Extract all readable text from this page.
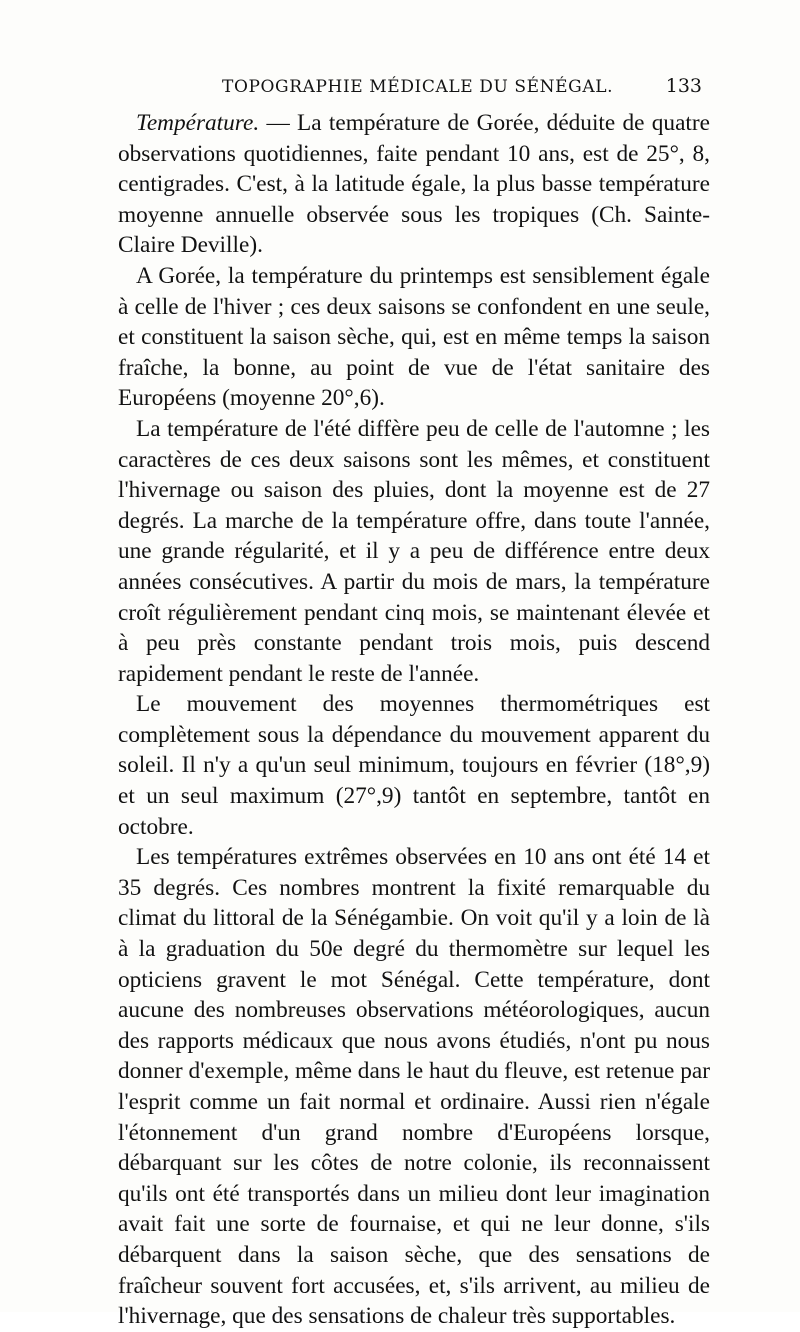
TOPOGRAPHIE MÉDICALE DU SÉNÉGAL.	133

Température. — La température de Gorée, déduite de quatre observations quotidiennes, faite pendant 10 ans, est de 25°, 8, centigrades. C'est, à la latitude égale, la plus basse température moyenne annuelle observée sous les tropiques (Ch. Sainte-Claire Deville).

A Gorée, la température du printemps est sensiblement égale à celle de l'hiver ; ces deux saisons se confondent en une seule, et constituent la saison sèche, qui, est en même temps la saison fraîche, la bonne, au point de vue de l'état sanitaire des Européens (moyenne 20°,6).

La température de l'été diffère peu de celle de l'automne ; les caractères de ces deux saisons sont les mêmes, et constituent l'hivernage ou saison des pluies, dont la moyenne est de 27 degrés. La marche de la température offre, dans toute l'année, une grande régularité, et il y a peu de différence entre deux années consécutives. A partir du mois de mars, la température croît régulièrement pendant cinq mois, se maintenant élevée et à peu près constante pendant trois mois, puis descend rapidement pendant le reste de l'année.

Le mouvement des moyennes thermométriques est complètement sous la dépendance du mouvement apparent du soleil. Il n'y a qu'un seul minimum, toujours en février (18°,9) et un seul maximum (27°,9) tantôt en septembre, tantôt en octobre.

Les températures extrêmes observées en 10 ans ont été 14 et 35 degrés. Ces nombres montrent la fixité remarquable du climat du littoral de la Sénégambie. On voit qu'il y a loin de là à la graduation du 50e degré du thermomètre sur lequel les opticiens gravent le mot Sénégal. Cette température, dont aucune des nombreuses observations météorologiques, aucun des rapports médicaux que nous avons étudiés, n'ont pu nous donner d'exemple, même dans le haut du fleuve, est retenue par l'esprit comme un fait normal et ordinaire. Aussi rien n'égale l'étonnement d'un grand nombre d'Européens lorsque, débarquant sur les côtes de notre colonie, ils reconnaissent qu'ils ont été transportés dans un milieu dont leur imagination avait fait une sorte de fournaise, et qui ne leur donne, s'ils débarquent dans la saison sèche, que des sensations de fraîcheur souvent fort accusées, et, s'ils arrivent, au milieu de l'hivernage, que des sensations de chaleur très supportables.
